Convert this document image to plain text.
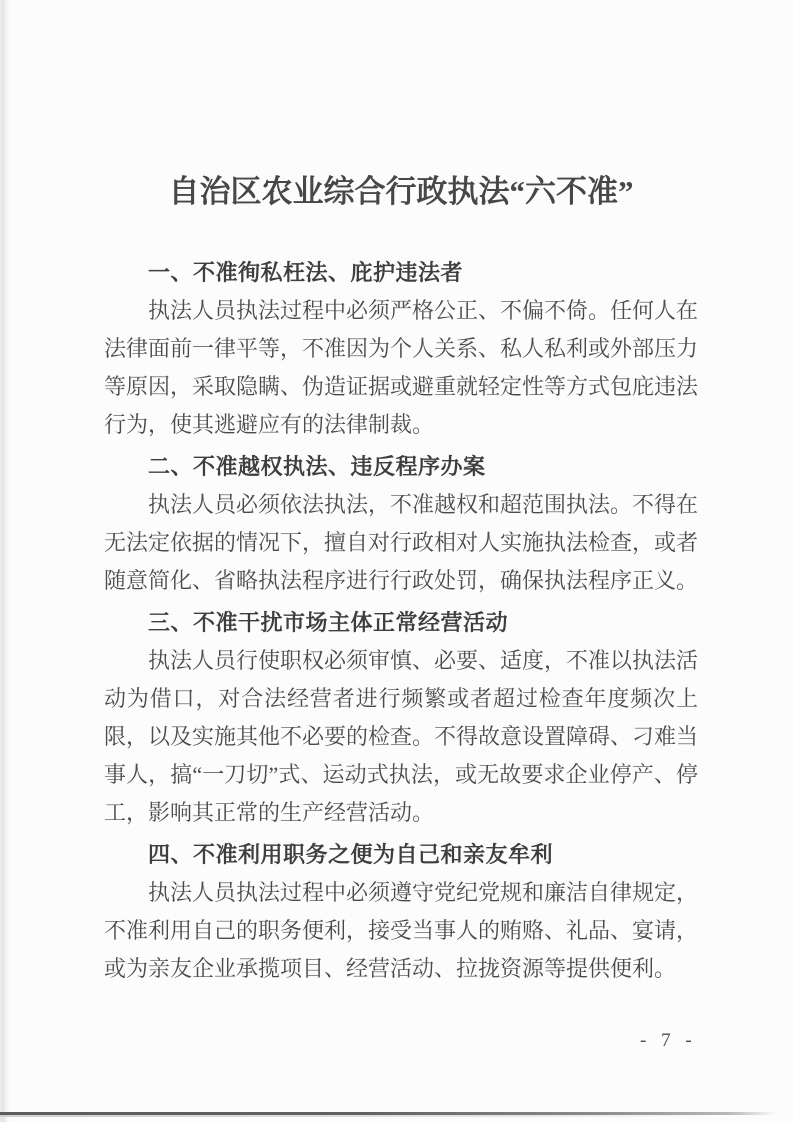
自治区农业综合行政执法“六不准”
一、不准徇私枉法、庇护违法者

执法人员执法过程中必须严格公正、不偏不倚。任何人在法律面前一律平等，不准因为个人关系、私人私利或外部压力等原因，采取隐瞒、伪造证据或避重就轻定性等方式包庇违法行为，使其逃避应有的法律制裁。

二、不准越权执法、违反程序办案

执法人员必须依法执法，不准越权和超范围执法。不得在无法定依据的情况下，擅自对行政相对人实施执法检查，或者随意简化、省略执法程序进行行政处罚，确保执法程序正义。

三、不准干扰市场主体正常经营活动

执法人员行使职权必须审慎、必要、适度，不准以执法活动为借口，对合法经营者进行频繁或者超过检查年度频次上限，以及实施其他不必要的检查。不得故意设置障碍、刁难当事人，搞“一刀切”式、运动式执法，或无故要求企业停产、停工，影响其正常的生产经营活动。

四、不准利用职务之便为自己和亲友牟利

执法人员执法过程中必须遵守党纪党规和廉洁自律规定，不准利用自己的职务便利，接受当事人的贿赂、礼品、宴请，或为亲友企业承揽项目、经营活动、拉拢资源等提供便利。

- 7 -
